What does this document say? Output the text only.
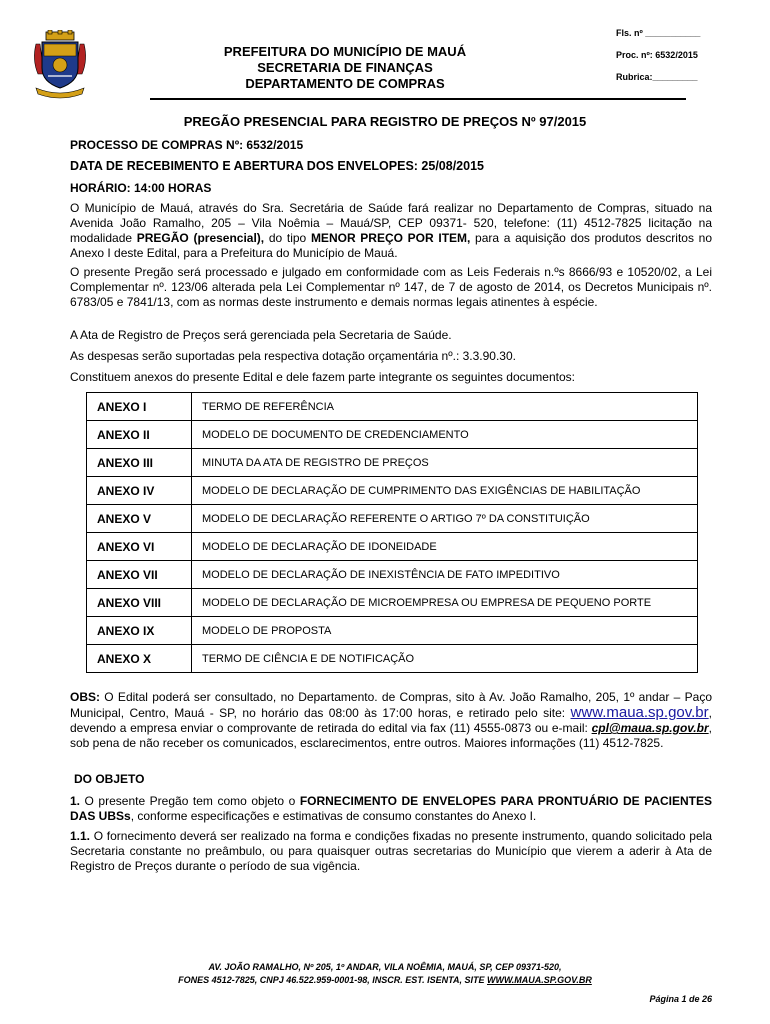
PREFEITURA DO MUNICÍPIO DE MAUÁ
SECRETARIA DE FINANÇAS
DEPARTAMENTO DE COMPRAS
Fls. nº ___________
Proc. nº: 6532/2015
Rubrica:_________
PREGÃO PRESENCIAL PARA REGISTRO DE PREÇOS Nº 97/2015
PROCESSO DE COMPRAS Nº: 6532/2015
DATA DE RECEBIMENTO E ABERTURA DOS ENVELOPES: 25/08/2015
HORÁRIO: 14:00 HORAS
O Município de Mauá, através do Sra. Secretária de Saúde fará realizar no Departamento de Compras, situado na Avenida João Ramalho, 205 – Vila Noêmia – Mauá/SP, CEP 09371- 520, telefone: (11) 4512-7825 licitação na modalidade PREGÃO (presencial), do tipo MENOR PREÇO POR ITEM, para a aquisição dos produtos descritos no Anexo I deste Edital, para a Prefeitura do Município de Mauá.
O presente Pregão será processado e julgado em conformidade com as Leis Federais n.ºs 8666/93 e 10520/02, a Lei Complementar nº. 123/06 alterada pela Lei Complementar nº 147, de 7 de agosto de 2014, os Decretos Municipais nº. 6783/05 e 7841/13, com as normas deste instrumento e demais normas legais atinentes à espécie.
A Ata de Registro de Preços será gerenciada pela Secretaria de Saúde.
As despesas serão suportadas pela respectiva dotação orçamentária nº.: 3.3.90.30.
Constituem anexos do presente Edital e dele fazem parte integrante os seguintes documentos:
ANEXO I	TERMO DE REFERÊNCIA
ANEXO II	MODELO DE DOCUMENTO DE CREDENCIAMENTO
ANEXO III	MINUTA DA ATA DE REGISTRO DE PREÇOS
ANEXO IV	MODELO DE DECLARAÇÃO DE CUMPRIMENTO DAS EXIGÊNCIAS DE HABILITAÇÃO
ANEXO V	MODELO DE DECLARAÇÃO REFERENTE O ARTIGO 7º DA CONSTITUIÇÃO
ANEXO VI	MODELO DE DECLARAÇÃO DE IDONEIDADE
ANEXO VII	MODELO DE DECLARAÇÃO DE INEXISTÊNCIA DE FATO IMPEDITIVO
ANEXO VIII	MODELO DE DECLARAÇÃO DE MICROEMPRESA OU EMPRESA DE PEQUENO PORTE
ANEXO IX	MODELO DE PROPOSTA
ANEXO X	TERMO DE CIÊNCIA E DE NOTIFICAÇÃO
OBS: O Edital poderá ser consultado, no Departamento. de Compras, sito à Av. João Ramalho, 205, 1º andar – Paço Municipal, Centro, Mauá - SP, no horário das 08:00 às 17:00 horas, e retirado pelo site: www.maua.sp.gov.br, devendo a empresa enviar o comprovante de retirada do edital via fax (11) 4555-0873 ou e-mail: cpl@maua.sp.gov.br, sob pena de não receber os comunicados, esclarecimentos, entre outros. Maiores informações (11) 4512-7825.
DO OBJETO
1. O presente Pregão tem como objeto o FORNECIMENTO DE ENVELOPES PARA PRONTUÁRIO DE PACIENTES DAS UBSs, conforme especificações e estimativas de consumo constantes do Anexo I.
1.1. O fornecimento deverá ser realizado na forma e condições fixadas no presente instrumento, quando solicitado pela Secretaria constante no preâmbulo, ou para quaisquer outras secretarias do Município que vierem a aderir à Ata de Registro de Preços durante o período de sua vigência.
AV. JOÃO RAMALHO, Nº 205, 1º ANDAR, VILA NOÊMIA, MAUÁ, SP, CEP 09371-520,
FONES 4512-7825, CNPJ 46.522.959-0001-98, INSCR. EST. ISENTA, SITE WWW.MAUA.SP.GOV.BR
Página 1 de 26
